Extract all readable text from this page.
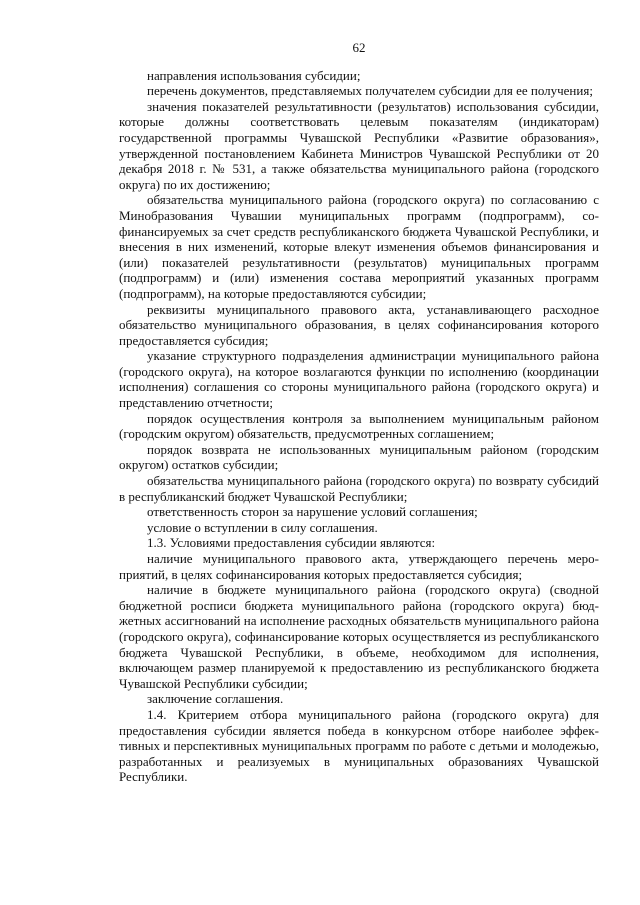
62

направления использования субсидии;

перечень документов, представляемых получателем субсидии для ее получения;

значения показателей результативности (результатов) использования субсидии, которые должны соответствовать целевым показателям (индикаторам) государственной программы Чувашской Республики «Развитие образования», утвержденной постановлением Кабинета Министров Чувашской Республики от 20 декабря 2018 г. № 531, а также обязательства муниципального района (городского округа) по их достижению;

обязательства муниципального района (городского округа) по согласованию с Минобразования Чувашии муниципальных программ (подпрограмм), софинансируемых за счет средств республиканского бюджета Чувашской Республики, и внесения в них изменений, которые влекут изменения объемов финансирования и (или) показателей результативности (результатов) муниципальных программ (подпрограмм) и (или) изменения состава мероприятий указанных программ (подпрограмм), на которые предоставляются субсидии;

реквизиты муниципального правового акта, устанавливающего расходное обязательство муниципального образования, в целях софинансирования которого предоставляется субсидия;

указание структурного подразделения администрации муниципального района (городского округа), на которое возлагаются функции по исполнению (координации исполнения) соглашения со стороны муниципального района (городского округа) и представлению отчетности;

порядок осуществления контроля за выполнением муниципальным районом (городским округом) обязательств, предусмотренных соглашением;

порядок возврата не использованных муниципальным районом (городским округом) остатков субсидии;

обязательства муниципального района (городского округа) по возврату субсидий в республиканский бюджет Чувашской Республики;

ответственность сторон за нарушение условий соглашения;

условие о вступлении в силу соглашения.

1.3. Условиями предоставления субсидии являются:

наличие муниципального правового акта, утверждающего перечень мероприятий, в целях софинансирования которых предоставляется субсидия;

наличие в бюджете муниципального района (городского округа) (сводной бюджетной росписи бюджета муниципального района (городского округа) бюджетных ассигнований на исполнение расходных обязательств муниципального района (городского округа), софинансирование которых осуществляется из республиканского бюджета Чувашской Республики, в объеме, необходимом для исполнения, включающем размер планируемой к предоставлению из республиканского бюджета Чувашской Республики субсидии;

заключение соглашения.

1.4. Критерием отбора муниципального района (городского округа) для предоставления субсидии является победа в конкурсном отборе наиболее эффективных и перспективных муниципальных программ по работе с детьми и молодежью, разработанных и реализуемых в муниципальных образованиях Чувашской Республики.
